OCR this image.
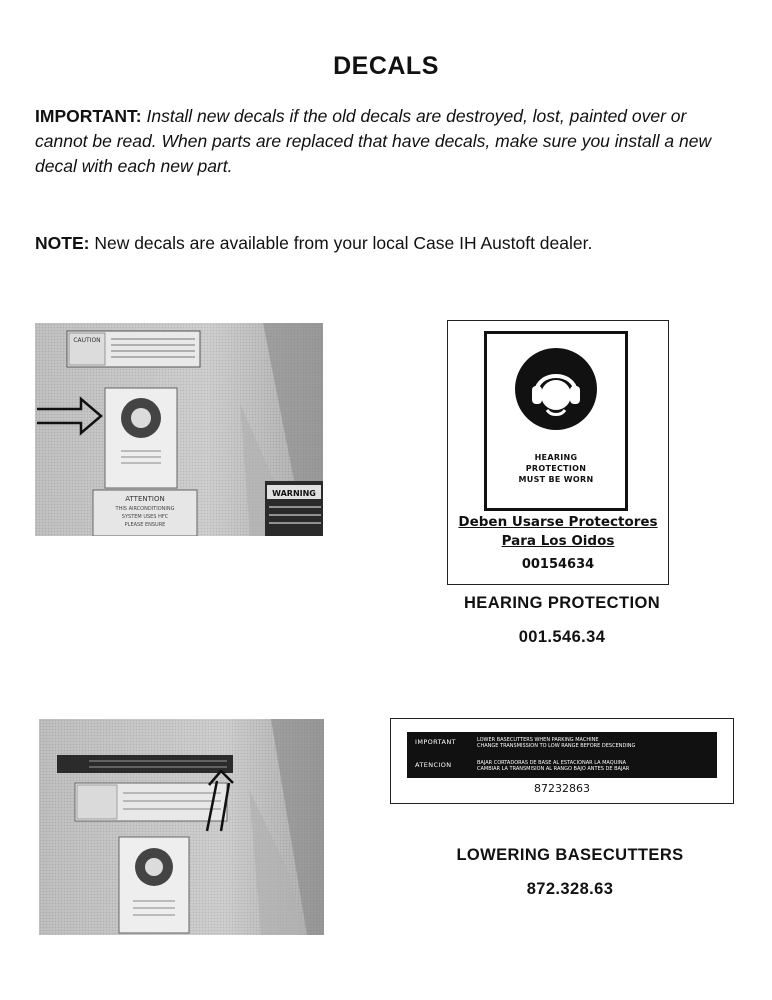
DECALS
IMPORTANT: Install new decals if the old decals are destroyed, lost, painted over or cannot be read. When parts are replaced that have decals, make sure you install a new decal with each new part.
NOTE: New decals are available from your local Case IH Austoft dealer.
CAUTION
ATTENTION
THIS AIRCONDITIONING
SYSTEM USES HFC
PLEASE ENSURE
WARNING
HEARING
PROTECTION
MUST BE WORN
Deben Usarse Protectores
Para Los Oidos
00154634
HEARING PROTECTION
001.546.34
IMPORTANT	LOWER BASECUTTERS WHEN PARKING MACHINE
CHANGE TRANSMISSION TO LOW RANGE BEFORE DESCENDING
ATENCION	BAJAR CORTADORAS DE BASE AL ESTACIONAR LA MAQUINA
CAMBIAR LA TRANSMISION AL RANGO BAJO ANTES DE BAJAR
87232863
LOWERING BASECUTTERS
872.328.63
